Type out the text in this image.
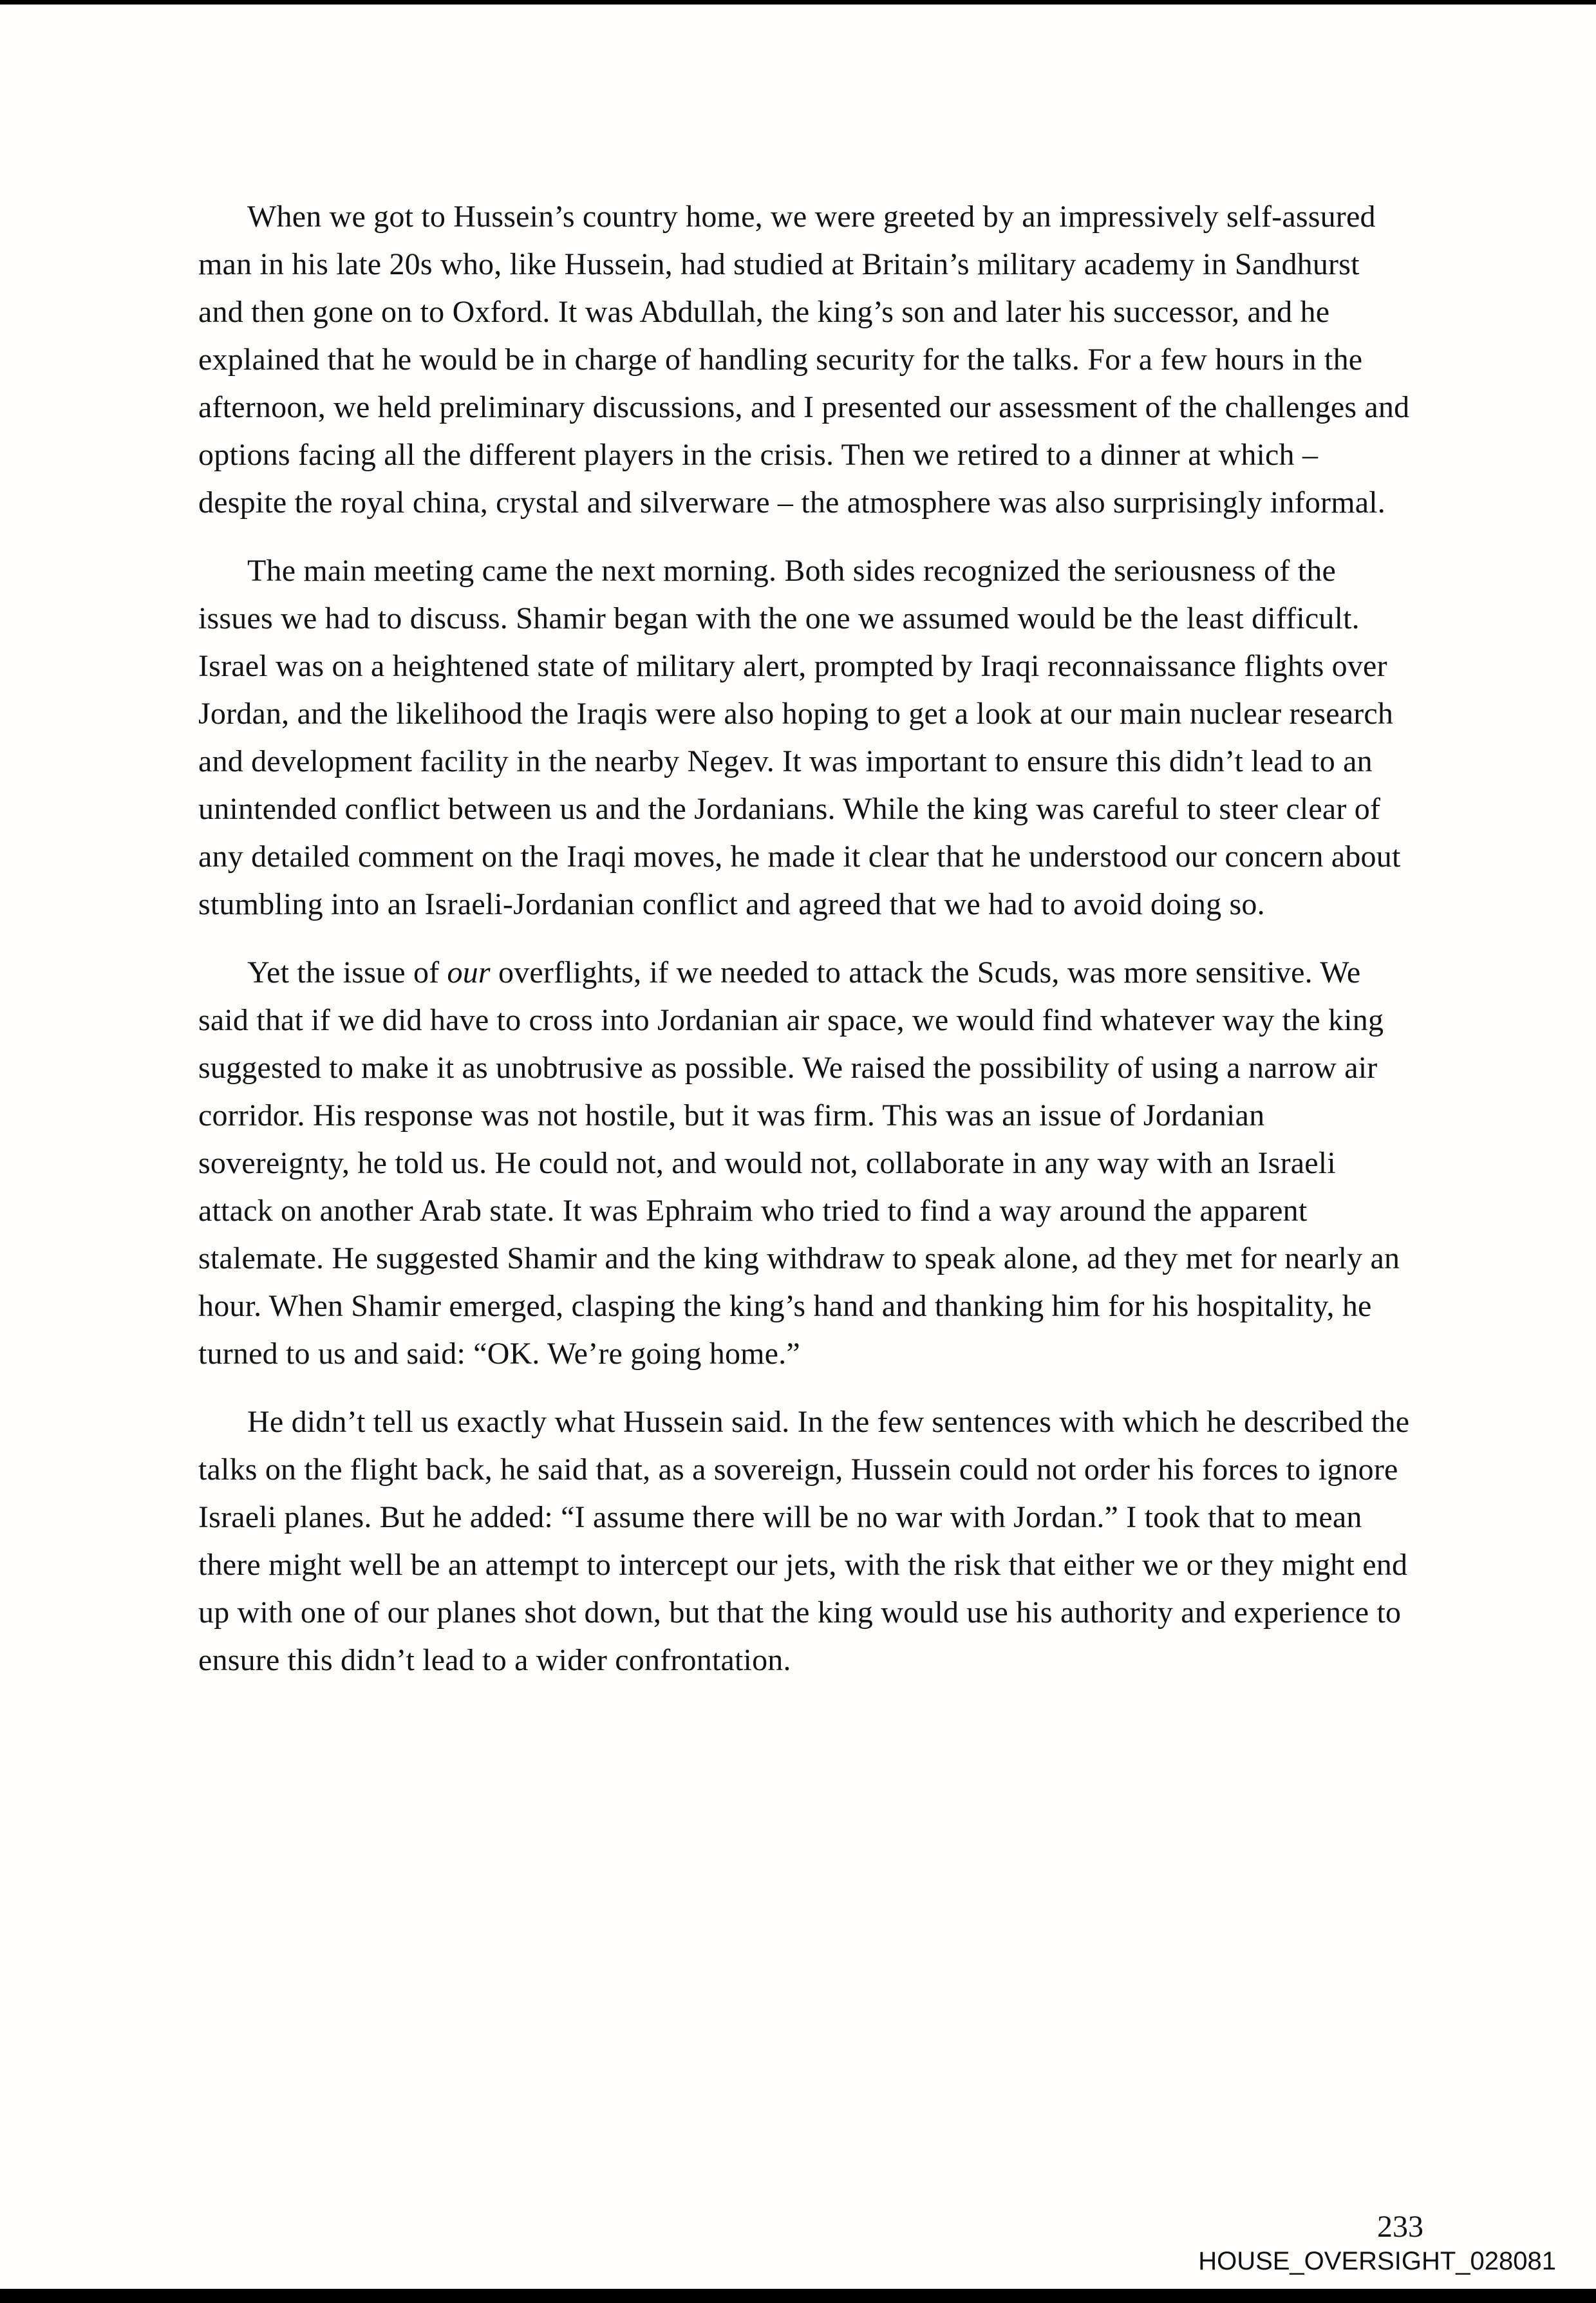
When we got to Hussein’s country home, we were greeted by an impressively self-assured man in his late 20s who, like Hussein, had studied at Britain’s military academy in Sandhurst and then gone on to Oxford. It was Abdullah, the king’s son and later his successor, and he explained that he would be in charge of handling security for the talks. For a few hours in the afternoon, we held preliminary discussions, and I presented our assessment of the challenges and options facing all the different players in the crisis. Then we retired to a dinner at which – despite the royal china, crystal and silverware – the atmosphere was also surprisingly informal.

The main meeting came the next morning. Both sides recognized the seriousness of the issues we had to discuss. Shamir began with the one we assumed would be the least difficult. Israel was on a heightened state of military alert, prompted by Iraqi reconnaissance flights over Jordan, and the likelihood the Iraqis were also hoping to get a look at our main nuclear research and development facility in the nearby Negev. It was important to ensure this didn’t lead to an unintended conflict between us and the Jordanians. While the king was careful to steer clear of any detailed comment on the Iraqi moves, he made it clear that he understood our concern about stumbling into an Israeli-Jordanian conflict and agreed that we had to avoid doing so.

Yet the issue of our overflights, if we needed to attack the Scuds, was more sensitive. We said that if we did have to cross into Jordanian air space, we would find whatever way the king suggested to make it as unobtrusive as possible. We raised the possibility of using a narrow air corridor. His response was not hostile, but it was firm. This was an issue of Jordanian sovereignty, he told us. He could not, and would not, collaborate in any way with an Israeli attack on another Arab state. It was Ephraim who tried to find a way around the apparent stalemate. He suggested Shamir and the king withdraw to speak alone, ad they met for nearly an hour. When Shamir emerged, clasping the king’s hand and thanking him for his hospitality, he turned to us and said: “OK. We’re going home.”

He didn’t tell us exactly what Hussein said. In the few sentences with which he described the talks on the flight back, he said that, as a sovereign, Hussein could not order his forces to ignore Israeli planes. But he added: “I assume there will be no war with Jordan.” I took that to mean there might well be an attempt to intercept our jets, with the risk that either we or they might end up with one of our planes shot down, but that the king would use his authority and experience to ensure this didn’t lead to a wider confrontation.

233
HOUSE_OVERSIGHT_028081
